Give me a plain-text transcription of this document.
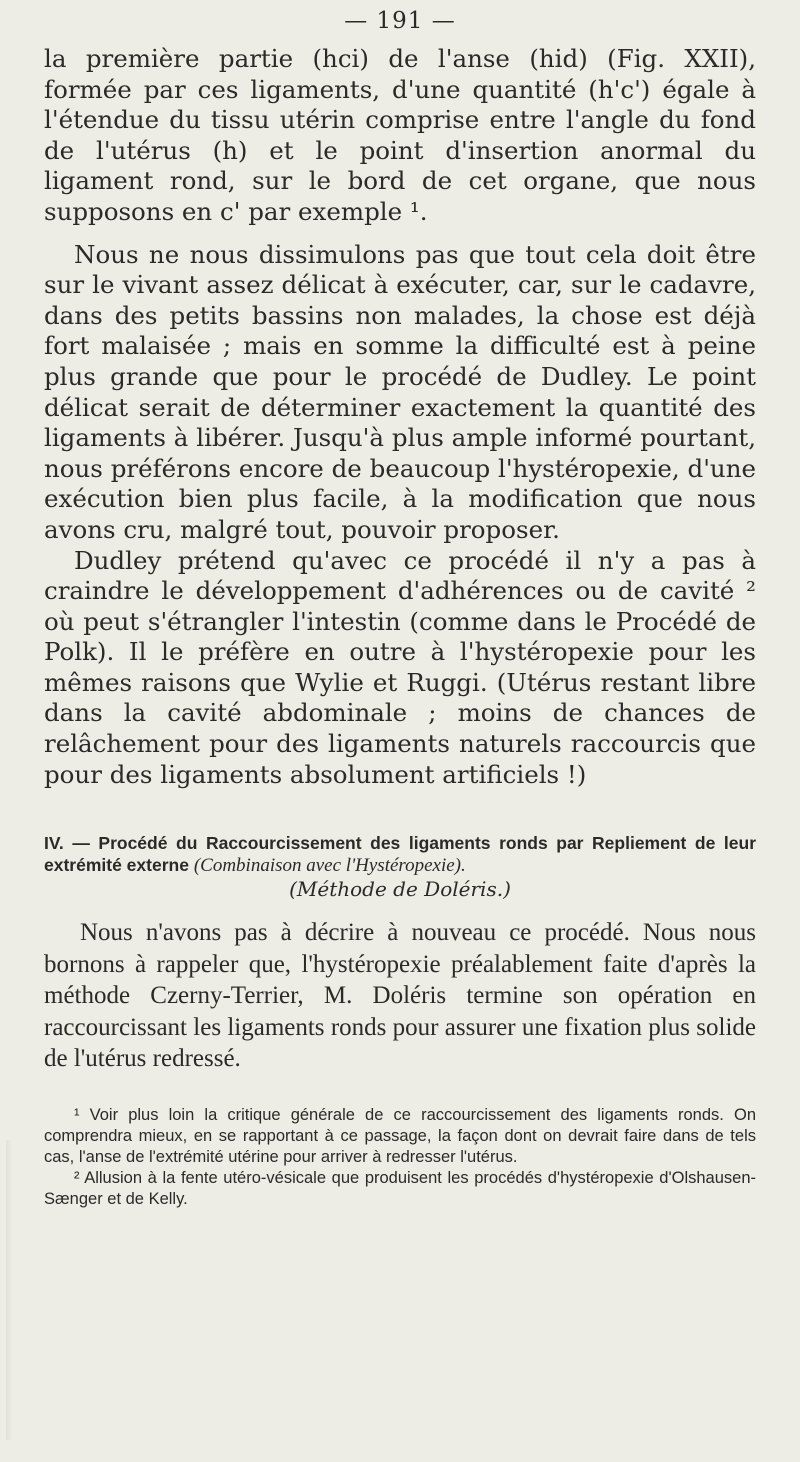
— 191 —

la première partie (hci) de l'anse (hid) (Fig. XXII), formée par ces ligaments, d'une quantité (h'c') égale à l'étendue du tissu utérin comprise entre l'angle du fond de l'utérus (h) et le point d'insertion anormal du ligament rond, sur le bord de cet organe, que nous supposons en c' par exemple ¹.

Nous ne nous dissimulons pas que tout cela doit être sur le vivant assez délicat à exécuter, car, sur le cadavre, dans des petits bassins non malades, la chose est déjà fort malaisée ; mais en somme la difficulté est à peine plus grande que pour le procédé de Dudley. Le point délicat serait de déterminer exactement la quantité des ligaments à libérer. Jusqu'à plus ample informé pourtant, nous préférons encore de beaucoup l'hystéropexie, d'une exécution bien plus facile, à la modification que nous avons cru, malgré tout, pouvoir proposer.

Dudley prétend qu'avec ce procédé il n'y a pas à craindre le développement d'adhérences ou de cavité ² où peut s'étrangler l'intestin (comme dans le Procédé de Polk). Il le préfère en outre à l'hystéropexie pour les mêmes raisons que Wylie et Ruggi. (Utérus restant libre dans la cavité abdominale ; moins de chances de relâchement pour des ligaments naturels raccourcis que pour des ligaments absolument artificiels !)

IV. — Procédé du Raccourcissement des ligaments ronds par Repliement de leur extrémité externe (Combinaison avec l'Hystéropexie).

(Méthode de Doléris.)

Nous n'avons pas à décrire à nouveau ce procédé. Nous nous bornons à rappeler que, l'hystéropexie préalablement faite d'après la méthode Czerny-Terrier, M. Doléris termine son opération en raccourcissant les ligaments ronds pour assurer une fixation plus solide de l'utérus redressé.

¹ Voir plus loin la critique générale de ce raccourcissement des ligaments ronds. On comprendra mieux, en se rapportant à ce passage, la façon dont on devrait faire dans de tels cas, l'anse de l'extrémité utérine pour arriver à redresser l'utérus.

² Allusion à la fente utéro-vésicale que produisent les procédés d'hystéropexie d'Olshausen-Sænger et de Kelly.
